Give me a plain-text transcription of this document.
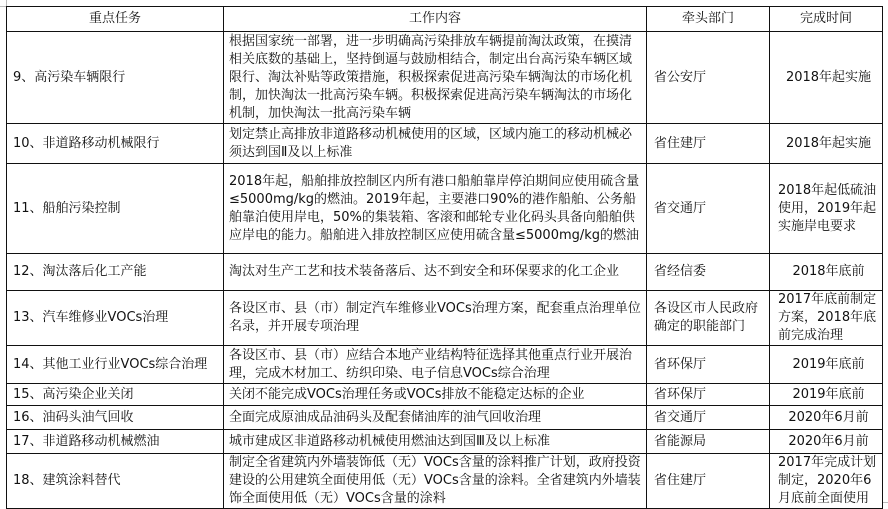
重点任务	工作内容	牵头部门	完成时间
9、高污染车辆限行	根据国家统一部署，进一步明确高污染排放车辆提前淘汰政策，在摸清相关底数的基础上，坚持倒逼与鼓励相结合，制定出台高污染车辆区域限行、淘汰补贴等政策措施，积极探索促进高污染车辆淘汰的市场化机制，加快淘汰一批高污染车辆。积极探索促进高污染车辆淘汰的市场化机制，加快淘汰一批高污染车辆	省公安厅	2018年起实施
10、非道路移动机械限行	划定禁止高排放非道路移动机械使用的区域，区域内施工的移动机械必须达到国Ⅱ及以上标准	省住建厅	2018年起实施
11、船舶污染控制	2018年起，船舶排放控制区内所有港口船舶靠岸停泊期间应使用硫含量≤5000mg/kg的燃油。2019年起，主要港口90%的港作船舶、公务船舶靠泊使用岸电，50%的集装箱、客滚和邮轮专业化码头具备向船舶供应岸电的能力。船舶进入排放控制区应使用硫含量≤5000mg/kg的燃油	省交通厅	2018年起低硫油使用，2019年起实施岸电要求
12、淘汰落后化工产能	淘汰对生产工艺和技术装备落后、达不到安全和环保要求的化工企业	省经信委	2018年底前
13、汽车维修业VOCs治理	各设区市、县（市）制定汽车维修业VOCs治理方案，配套重点治理单位名录，并开展专项治理	各设区市人民政府确定的职能部门	2017年底前制定方案，2018年底前完成治理
14、其他工业行业VOCs综合治理	各设区市、县（市）应结合本地产业结构特征选择其他重点行业开展治理，完成木材加工、纺织印染、电子信息VOCs综合治理	省环保厅	2019年底前
15、高污染企业关闭	关闭不能完成VOCs治理任务或VOCs排放不能稳定达标的企业	省环保厅	2019年底前
16、油码头油气回收	全面完成原油成品油码头及配套储油库的油气回收治理	省交通厅	2020年6月前
17、非道路移动机械燃油	城市建成区非道路移动机械使用燃油达到国Ⅲ及以上标准	省能源局	2020年6月前
18、建筑涂料替代	制定全省建筑内外墙装饰低（无）VOCs含量的涂料推广计划，政府投资建设的公用建筑全面使用低（无）VOCs含量的涂料。全省建筑内外墙装饰全面使用低（无）VOCs含量的涂料	省住建厅	2017年完成计划制定，2020年6月底前全面使用
